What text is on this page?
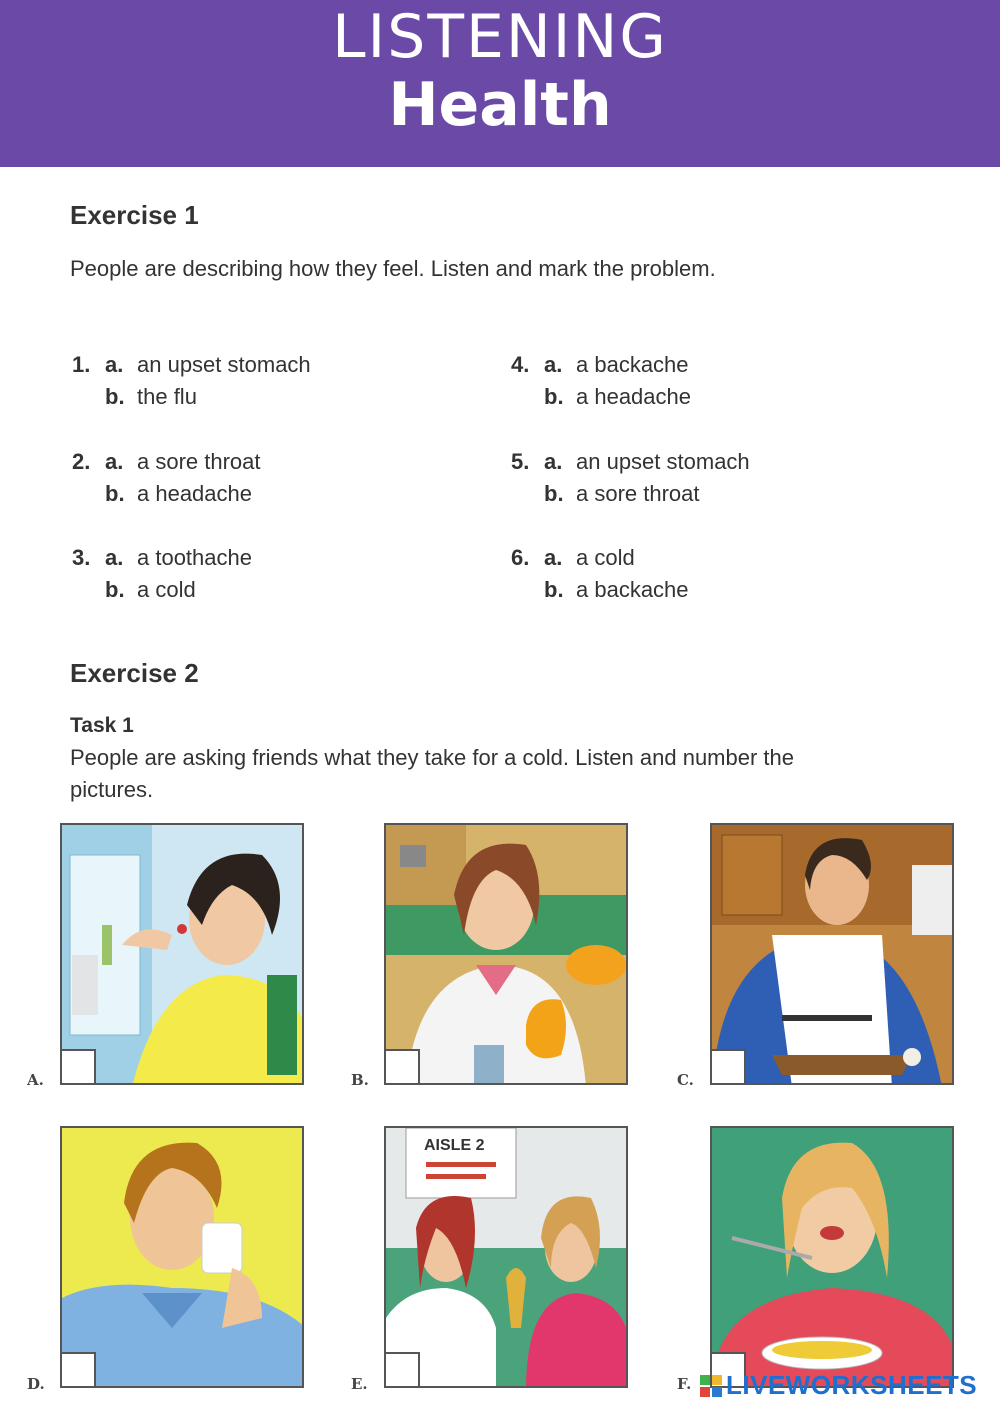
LISTENING
Health
Exercise 1
People are describing how they feel. Listen and mark the problem.
1. a. an upset stomach
b. the flu
2. a. a sore throat
b. a headache
3. a. a toothache
b. a cold
4. a. a backache
b. a headache
5. a. an upset stomach
b. a sore throat
6. a. a cold
b. a backache
Exercise 2
Task 1
People are asking friends what they take for a cold. Listen and number the pictures.
A.	B.	C.
D.
AISLE 2
E.	F.	LIVEWORKSHEETS
